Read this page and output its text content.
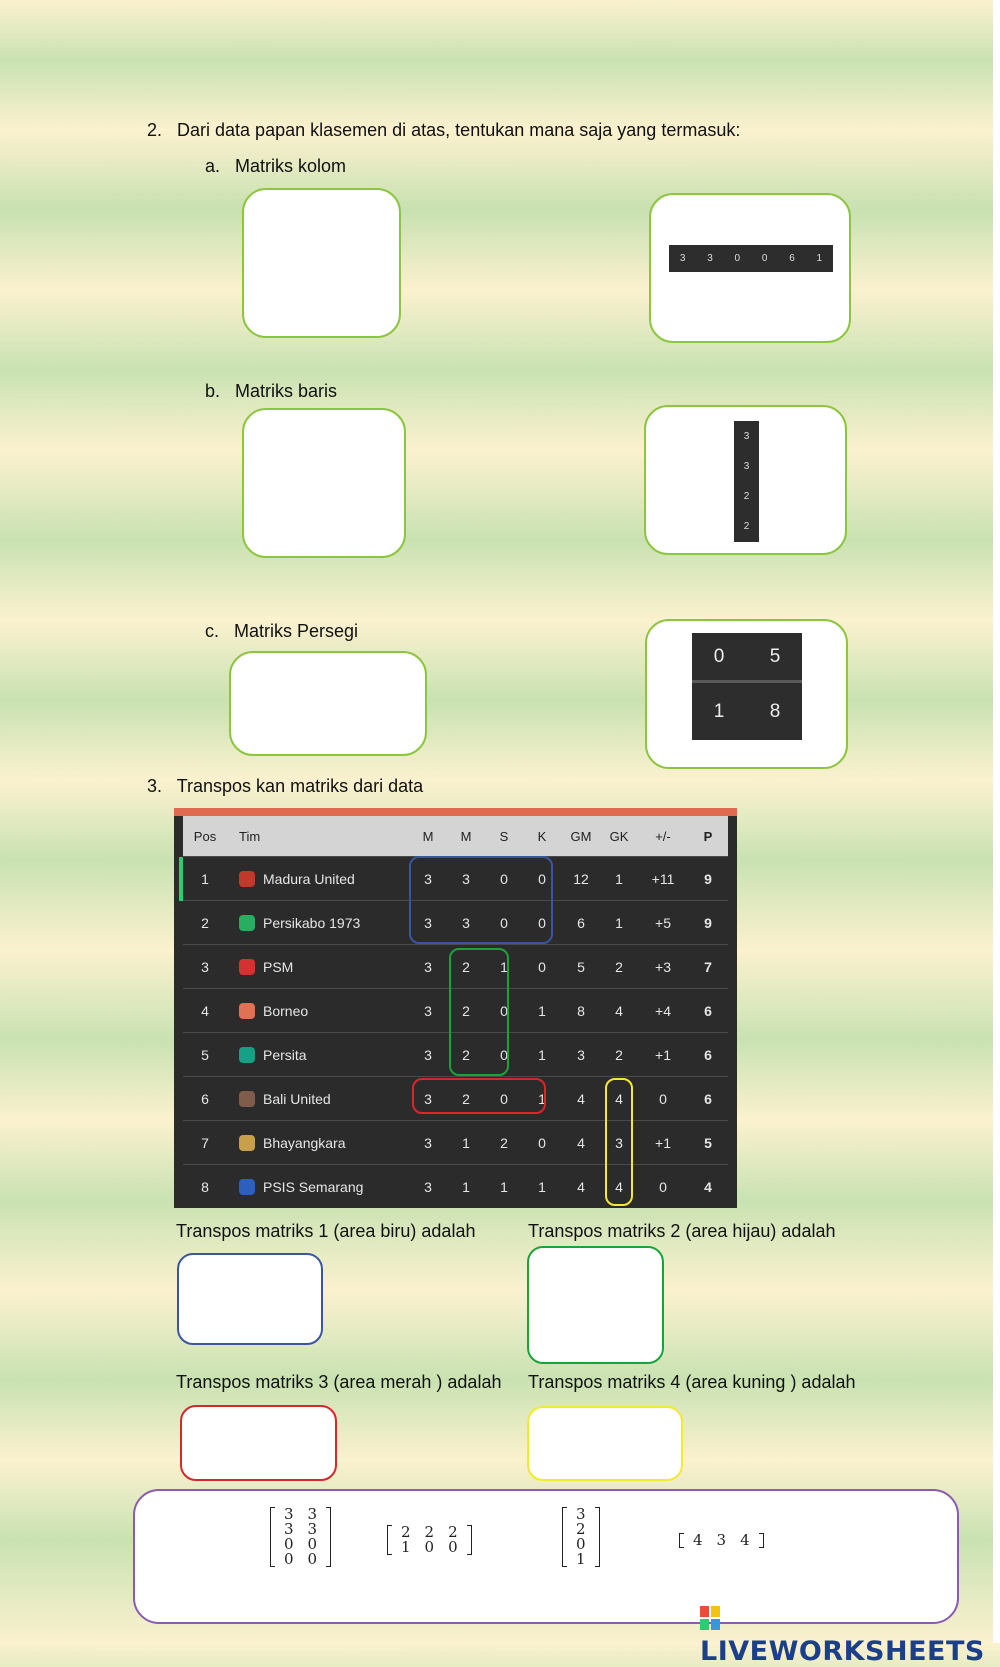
2.   Dari data papan klasemen di atas, tentukan mana saja yang termasuk:
a.   Matriks kolom
3 3 0 0 6 1
b.   Matriks baris
3
3
2
2
c.   Matriks Persegi
0	5
1	8
3.   Transpos kan matriks dari data
Pos	Tim	M	M	S	K	GM	GK	+/-	P
1	Madura United	3	3	0	0	12	1	+11	9
2	Persikabo 1973	3	3	0	0	6	1	+5	9
3	PSM	3	2	1	0	5	2	+3	7
4	Borneo	3	2	0	1	8	4	+4	6
5	Persita	3	2	0	1	3	2	+1	6
6	Bali United	3	2	0	1	4	4	0	6
7	Bhayangkara	3	1	2	0	4	3	+1	5
8	PSIS Semarang	3	1	1	1	4	4	0	4
Transpos matriks 1 (area biru) adalah	Transpos matriks 2 (area hijau) adalah
Transpos matriks 3 (area merah ) adalah Transpos matriks 4 (area kuning ) adalah
3	3
3	3
0	0
0	0
2	2	2
1	0	0
3
2
0
1
4	3	4
LIVEWORKSHEETS
